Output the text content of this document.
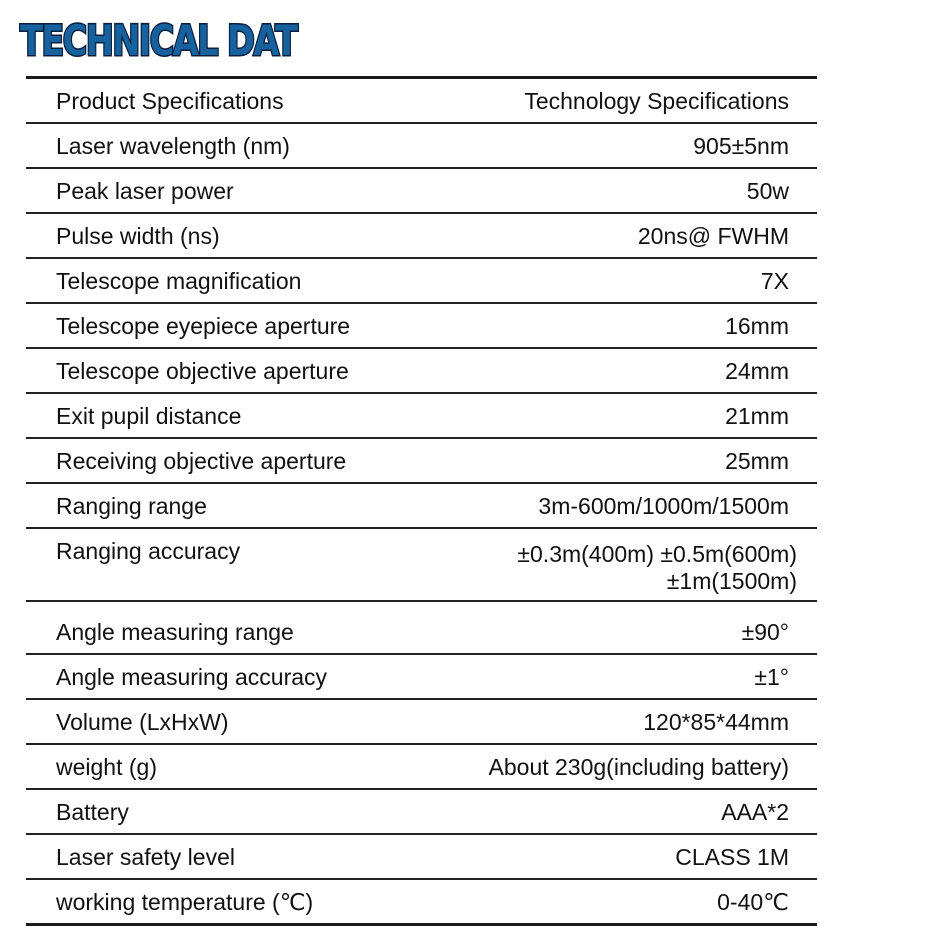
TECHNICAL DAT
Product Specifications	Technology Specifications
Laser wavelength (nm)	905±5nm
Peak laser power	50w
Pulse width (ns)	20ns@ FWHM
Telescope magnification	7X
Telescope eyepiece aperture	16mm
Telescope objective aperture	24mm
Exit pupil distance	21mm
Receiving objective aperture	25mm
Ranging range	3m-600m/1000m/1500m
Ranging accuracy	±0.3m(400m) ±0.5m(600m)
±1m(1500m)
Angle measuring range	±90°
Angle measuring accuracy	±1°
Volume (LxHxW)	120*85*44mm
weight (g)	About 230g(including battery)
Battery	AAA*2
Laser safety level	CLASS 1M
working temperature (℃)	0-40℃
